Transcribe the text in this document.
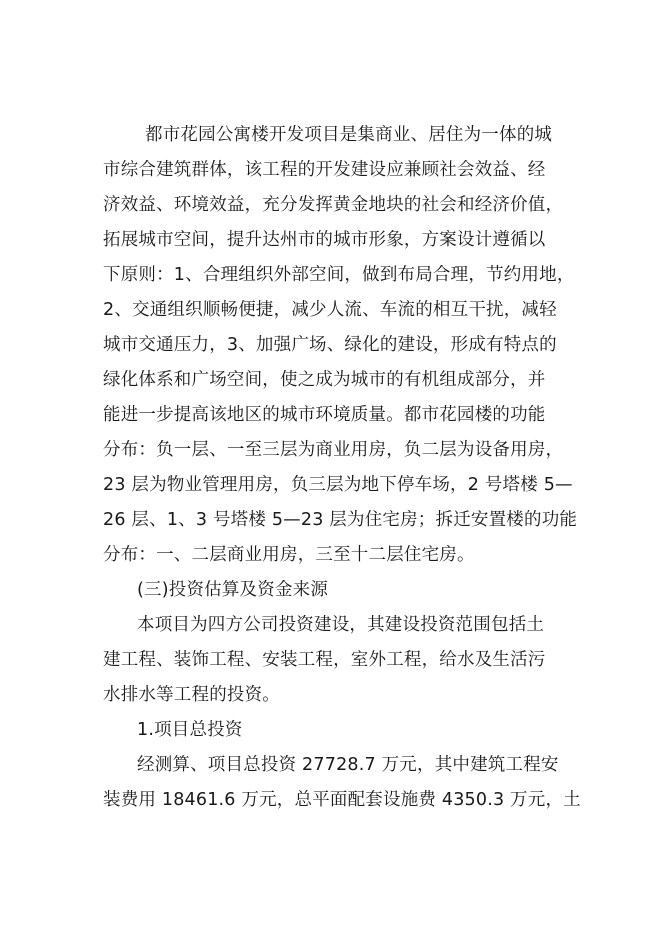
都市花园公寓楼开发项目是集商业、居住为一体的城
市综合建筑群体，该工程的开发建设应兼顾社会效益、经
济效益、环境效益，充分发挥黄金地块的社会和经济价值，
拓展城市空间，提升达州市的城市形象，方案设计遵循以
下原则：1、合理组织外部空间，做到布局合理，节约用地，
2、交通组织顺畅便捷，减少人流、车流的相互干扰，减轻
城市交通压力，3、加强广场、绿化的建设，形成有特点的
绿化体系和广场空间，使之成为城市的有机组成部分，并
能进一步提高该地区的城市环境质量。都市花园楼的功能
分布：负一层、一至三层为商业用房，负二层为设备用房，
23 层为物业管理用房，负三层为地下停车场，2 号塔楼 5—
26 层、1、3 号塔楼 5—23 层为住宅房；拆迁安置楼的功能
分布：一、二层商业用房，三至十二层住宅房。
(三)投资估算及资金来源
本项目为四方公司投资建设，其建设投资范围包括土
建工程、装饰工程、安装工程，室外工程，给水及生活污
水排水等工程的投资。
1.项目总投资
经测算、项目总投资 27728.7 万元，其中建筑工程安
装费用 18461.6 万元，总平面配套设施费 4350.3 万元，土
